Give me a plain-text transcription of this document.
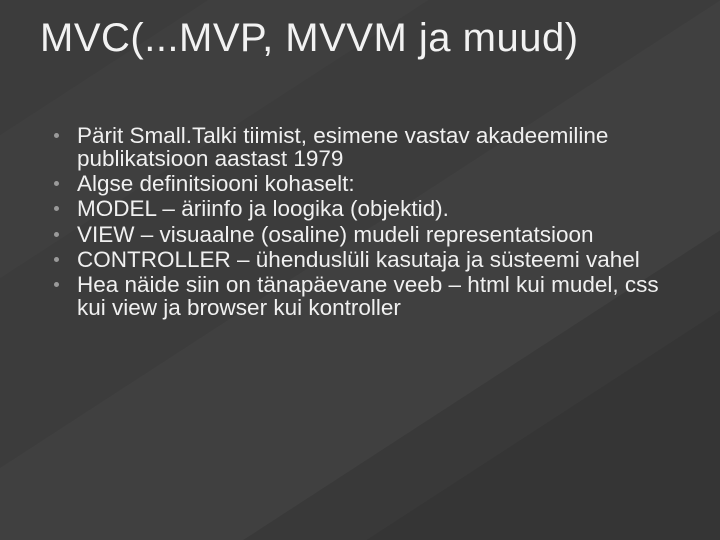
MVC(...MVP, MVVM ja muud)
Pärit Small.Talki tiimist, esimene vastav akadeemiline publikatsioon aastast 1979
Algse definitsiooni kohaselt:
MODEL – äriinfo ja loogika (objektid).
VIEW – visuaalne (osaline) mudeli representatsioon
CONTROLLER – ühenduslüli kasutaja ja süsteemi vahel
Hea näide siin on tänapäevane veeb – html kui mudel, css kui view ja browser kui kontroller
